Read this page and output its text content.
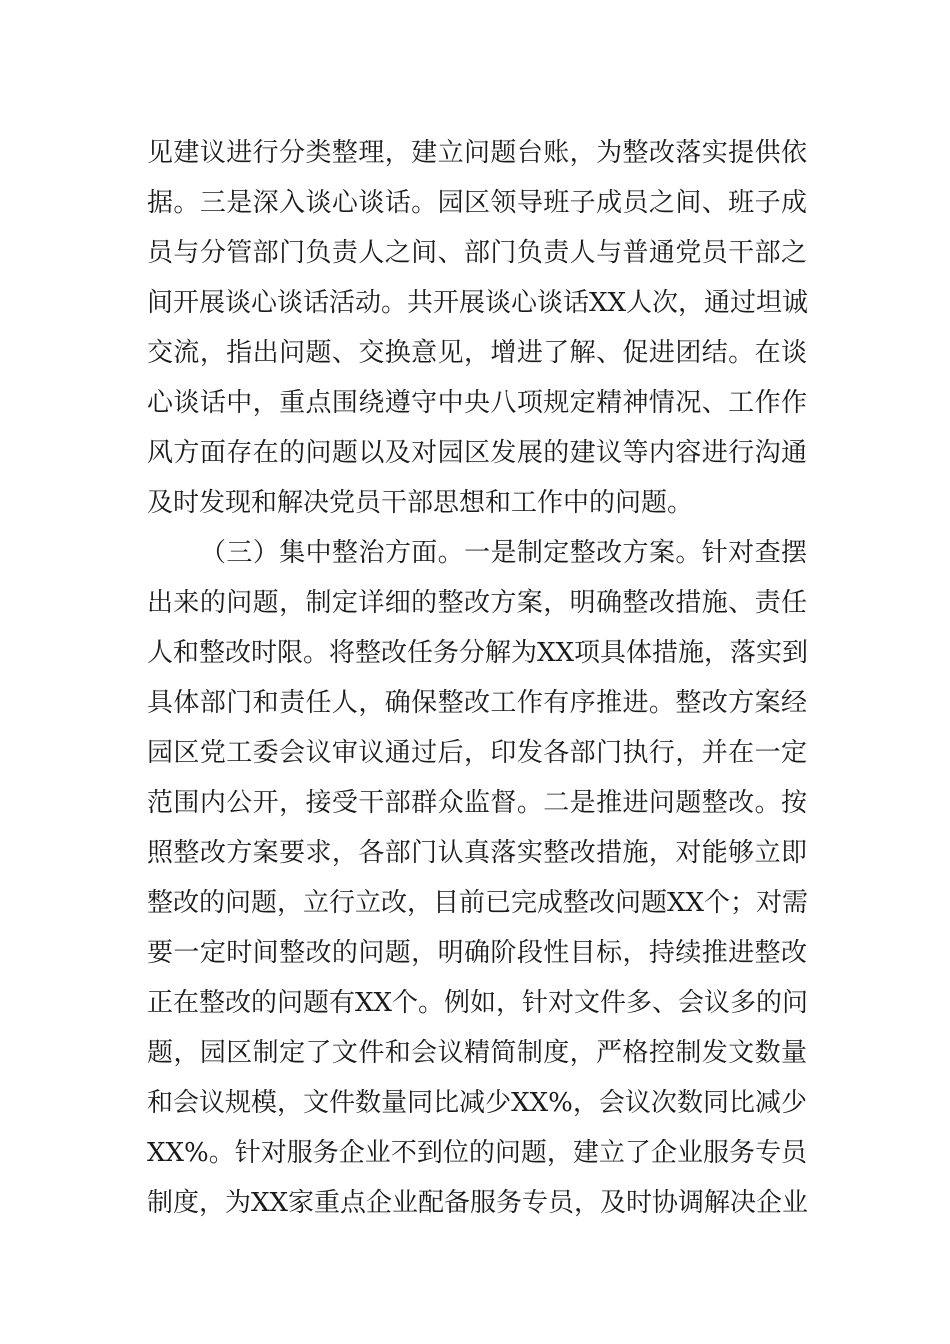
见建议进行分类整理，建立问题台账，为整改落实提供依
据。三是深入谈心谈话。园区领导班子成员之间、班子成
员与分管部门负责人之间、部门负责人与普通党员干部之
间开展谈心谈话活动。共开展谈心谈话XX人次，通过坦诚
交流，指出问题、交换意见，增进了解、促进团结。在谈
心谈话中，重点围绕遵守中央八项规定精神情况、工作作
风方面存在的问题以及对园区发展的建议等内容进行沟通
及时发现和解决党员干部思想和工作中的问题。
（三）集中整治方面。一是制定整改方案。针对查摆
出来的问题，制定详细的整改方案，明确整改措施、责任
人和整改时限。将整改任务分解为XX项具体措施，落实到
具体部门和责任人，确保整改工作有序推进。整改方案经
园区党工委会议审议通过后，印发各部门执行，并在一定
范围内公开，接受干部群众监督。二是推进问题整改。按
照整改方案要求，各部门认真落实整改措施，对能够立即
整改的问题，立行立改，目前已完成整改问题XX个；对需
要一定时间整改的问题，明确阶段性目标，持续推进整改
正在整改的问题有XX个。例如，针对文件多、会议多的问
题，园区制定了文件和会议精简制度，严格控制发文数量
和会议规模，文件数量同比减少XX%，会议次数同比减少
XX%。针对服务企业不到位的问题，建立了企业服务专员
制度，为XX家重点企业配备服务专员，及时协调解决企业
